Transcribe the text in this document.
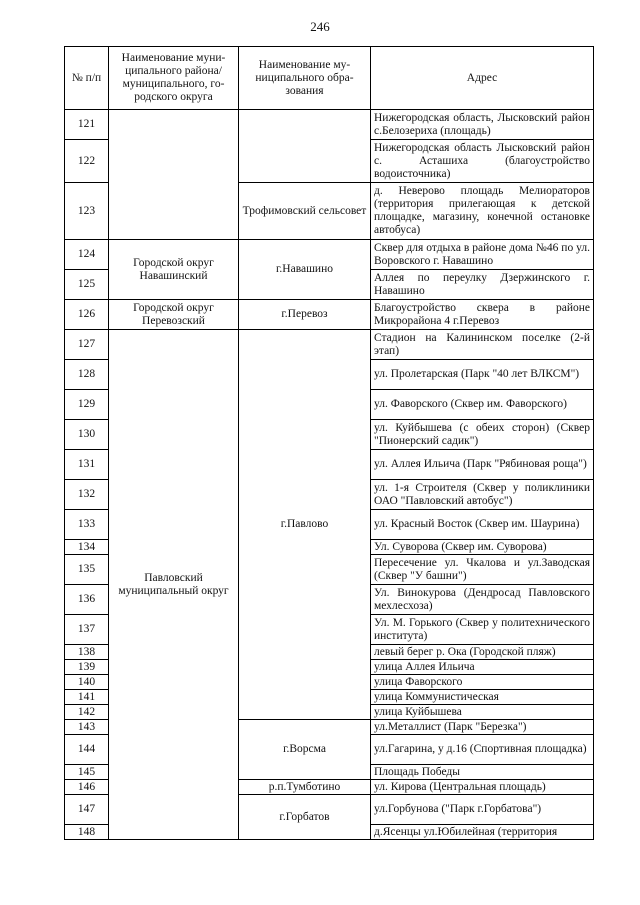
246
№ п/п	Наименование муни-ципального района/ муниципального, го-родского округа	Наименование му-ниципального обра-зования	Адрес
121			Нижегородская область, Лысковский район с.Белозериха (площадь)
122			Нижегородская область Лысковский район с. Асташиха (благоустройство водоисточника)
123		Трофимовский сельсовет	д. Неверово площадь Мелиораторов (территория прилегающая к детской площадке, магазину, конечной остановке автобуса)
124	Городской округ Навашинский	г.Навашино	Сквер для отдыха в районе дома №46 по ул. Воровского г. Навашино
125			Аллея по переулку Дзержинского г. Навашино
126	Городской округ Перевозский	г.Перевоз	Благоустройство сквера в районе Микрорайона 4 г.Перевоз
127	Павловский муниципальный округ	г.Павлово	Стадион на Калининском поселке (2-й этап)
128			ул. Пролетарская (Парк "40 лет ВЛКСМ")
129			ул. Фаворского (Сквер им. Фаворского)
130			ул. Куйбышева (с обеих сторон) (Сквер "Пионерский садик")
131			ул. Аллея Ильича (Парк "Рябиновая роща")
132			ул. 1-я Строителя (Сквер у поликлиники ОАО "Павловский автобус")
133			ул. Красный Восток (Сквер им. Шаурина)
134			Ул. Суворова (Сквер им. Суворова)
135			Пересечение ул. Чкалова и ул.Заводская (Сквер "У башни")
136			Ул. Винокурова (Дендросад Павловского мехлесхоза)
137			Ул. М. Горького (Сквер у политехнического института)
138			левый берег р. Ока (Городской пляж)
139			улица Аллея Ильича
140			улица Фаворского
141			улица Коммунистическая
142			улица Куйбышева
143		г.Ворсма	ул.Металлист (Парк "Березка")
144			ул.Гагарина, у д.16 (Спортивная площадка)
145			Площадь Победы
146		р.п.Тумботино	ул. Кирова (Центральная площадь)
147		г.Горбатов	ул.Горбунова ("Парк г.Горбатова")
148			д.Ясенцы ул.Юбилейная (территория
